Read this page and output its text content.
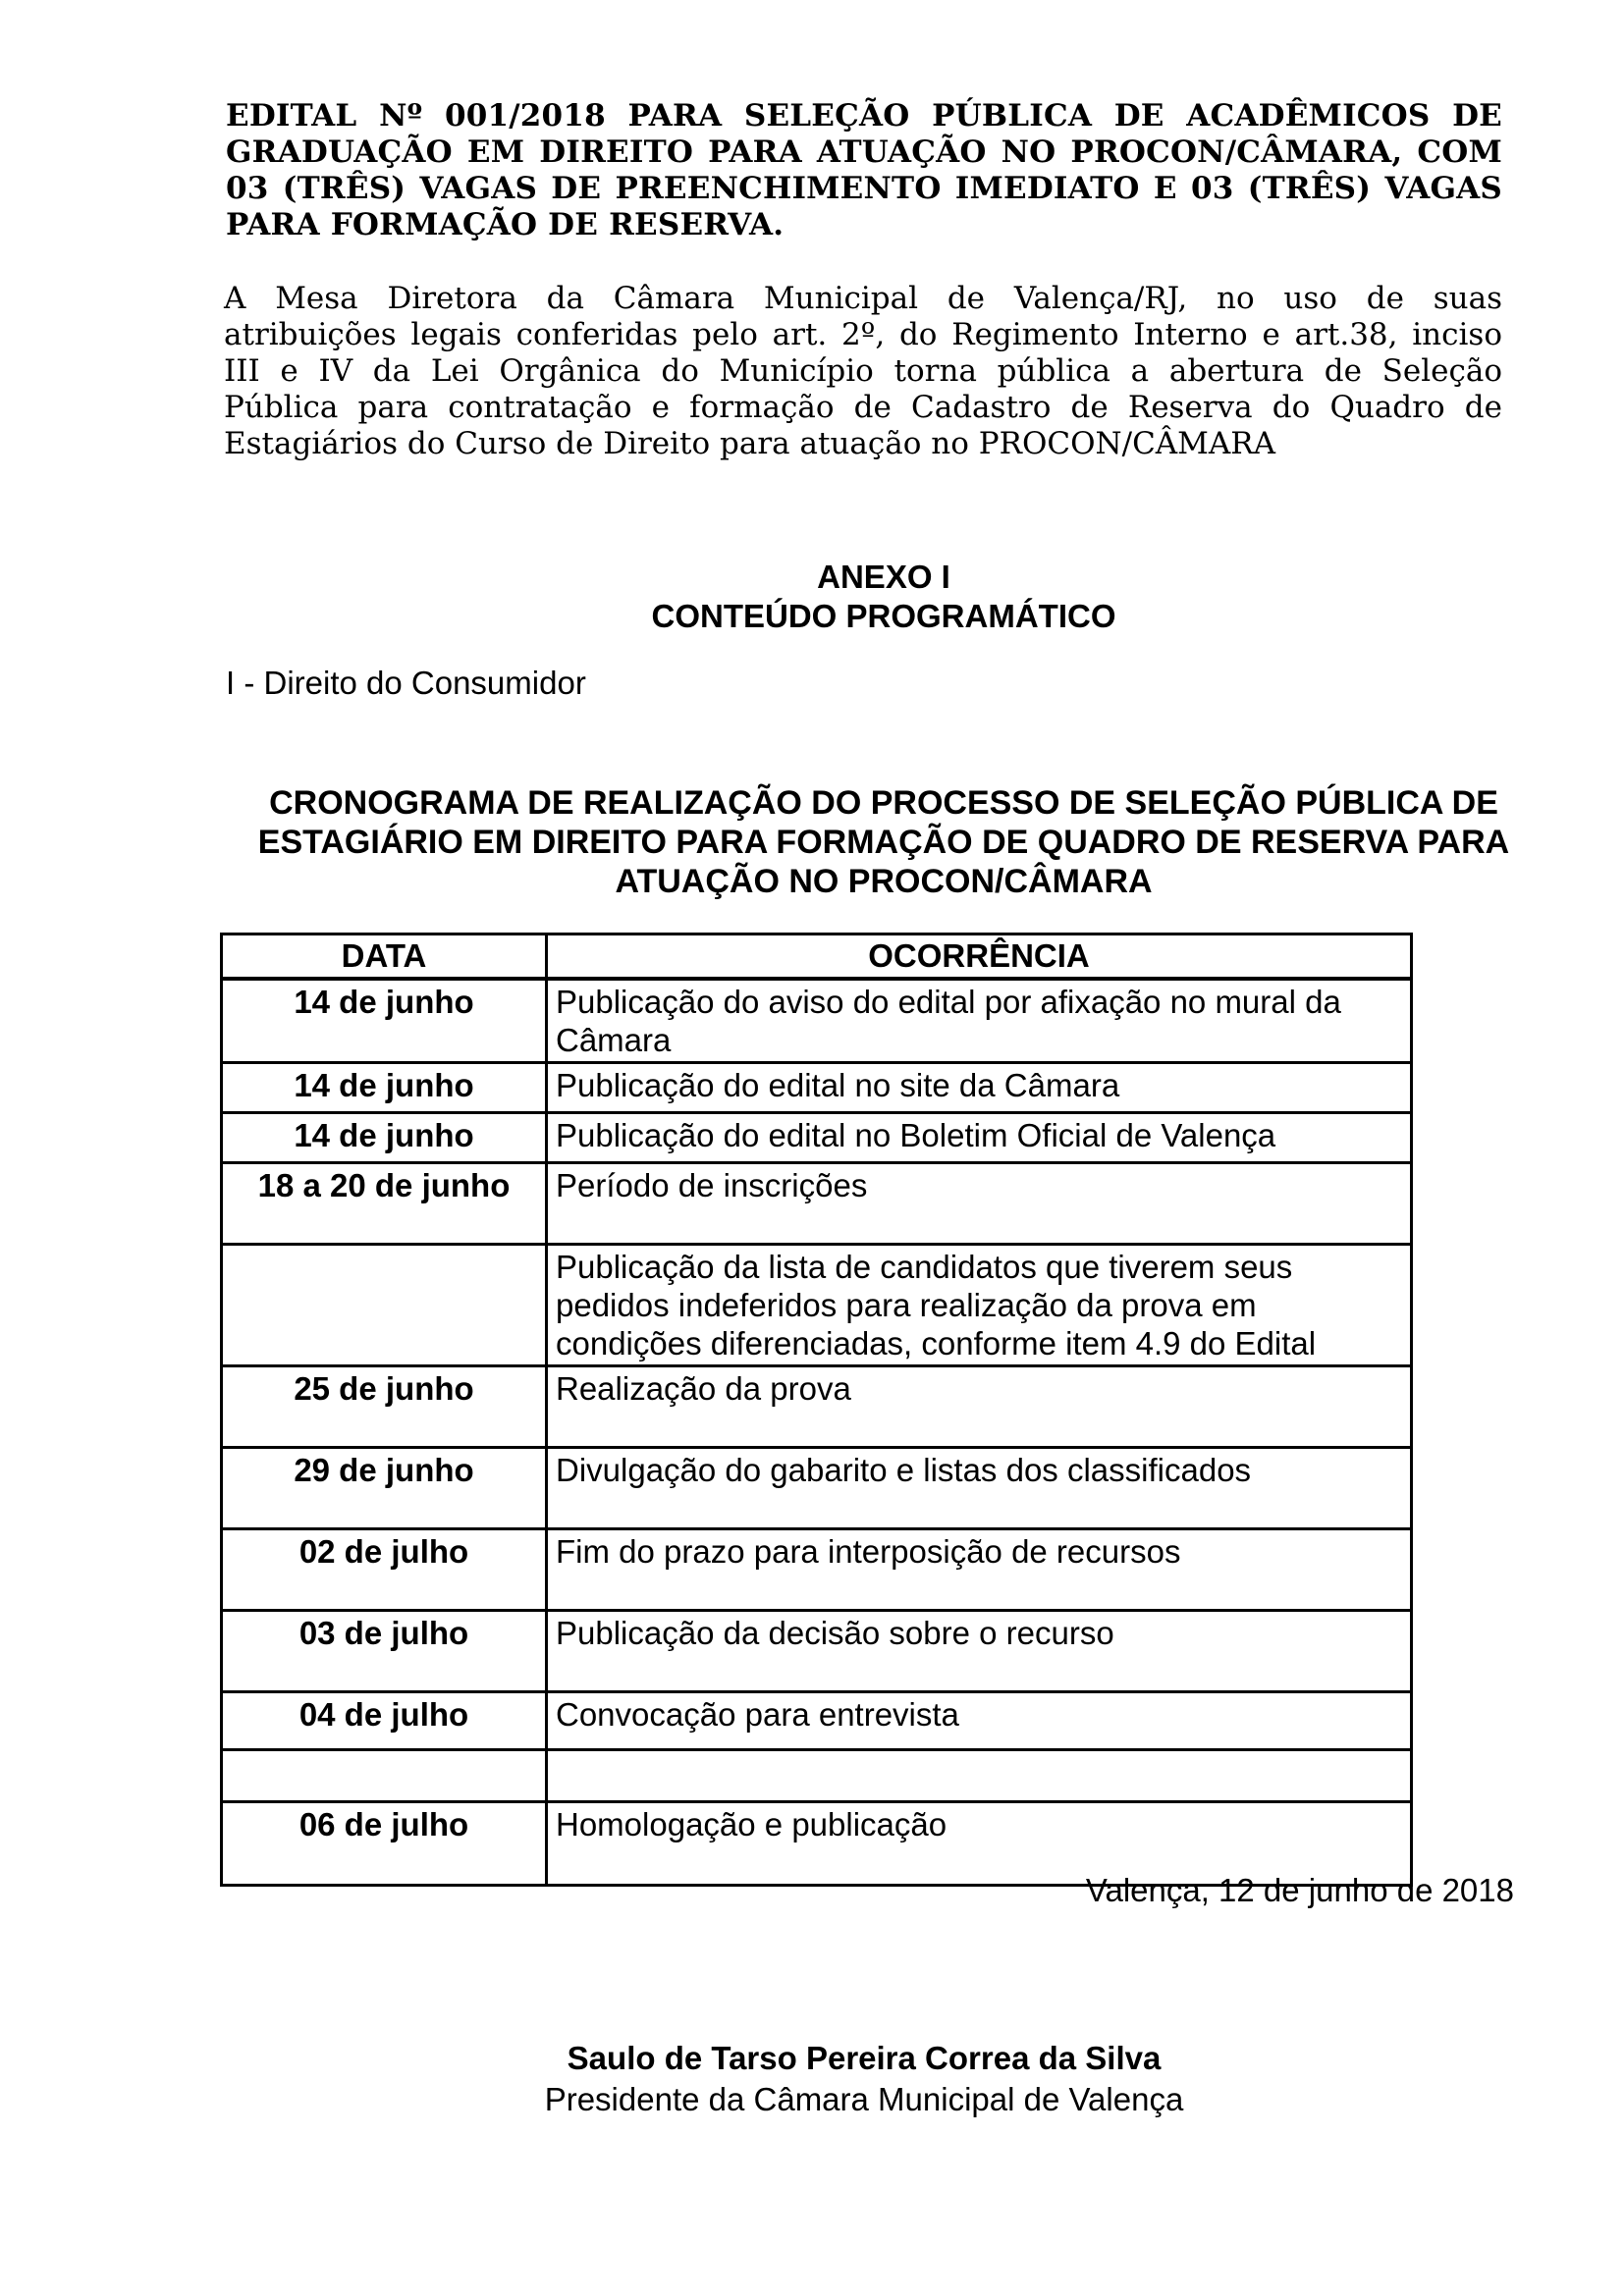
EDITAL Nº 001/2018 PARA SELEÇÃO PÚBLICA DE ACADÊMICOS DE
GRADUAÇÃO EM DIREITO PARA ATUAÇÃO NO PROCON/CÂMARA, COM
03 (TRÊS) VAGAS DE PREENCHIMENTO IMEDIATO E 03 (TRÊS) VAGAS
PARA FORMAÇÃO DE RESERVA.
A Mesa Diretora da Câmara Municipal de Valença/RJ, no uso de suas
atribuições legais conferidas pelo art. 2º, do Regimento Interno e art.38, inciso
III e IV da Lei Orgânica do Município torna pública a abertura de Seleção
Pública para contratação e formação de Cadastro de Reserva do Quadro de
Estagiários do Curso de Direito para atuação no PROCON/CÂMARA
ANEXO I
CONTEÚDO PROGRAMÁTICO
I - Direito do Consumidor
CRONOGRAMA DE REALIZAÇÃO DO PROCESSO DE SELEÇÃO PÚBLICA DE
ESTAGIÁRIO EM DIREITO PARA FORMAÇÃO DE QUADRO DE RESERVA PARA
ATUAÇÃO NO PROCON/CÂMARA
DATA	OCORRÊNCIA
14 de junho	Publicação do aviso do edital por afixação no mural da Câmara
14 de junho	Publicação do edital no site da Câmara
14 de junho	Publicação do edital no Boletim Oficial de Valença
18 a 20 de junho	Período de inscrições
	Publicação da lista de candidatos que tiverem seus pedidos indeferidos para realização da prova em condições diferenciadas, conforme item 4.9 do Edital
25 de junho	Realização da prova
29 de junho	Divulgação do gabarito e listas dos classificados
02 de julho	Fim do prazo para interposição de recursos
03 de julho	Publicação da decisão sobre o recurso
04 de julho	Convocação para entrevista

06 de julho	Homologação e publicação
Valença, 12 de junho de 2018
Saulo de Tarso Pereira Correa da Silva
Presidente da Câmara Municipal de Valença
